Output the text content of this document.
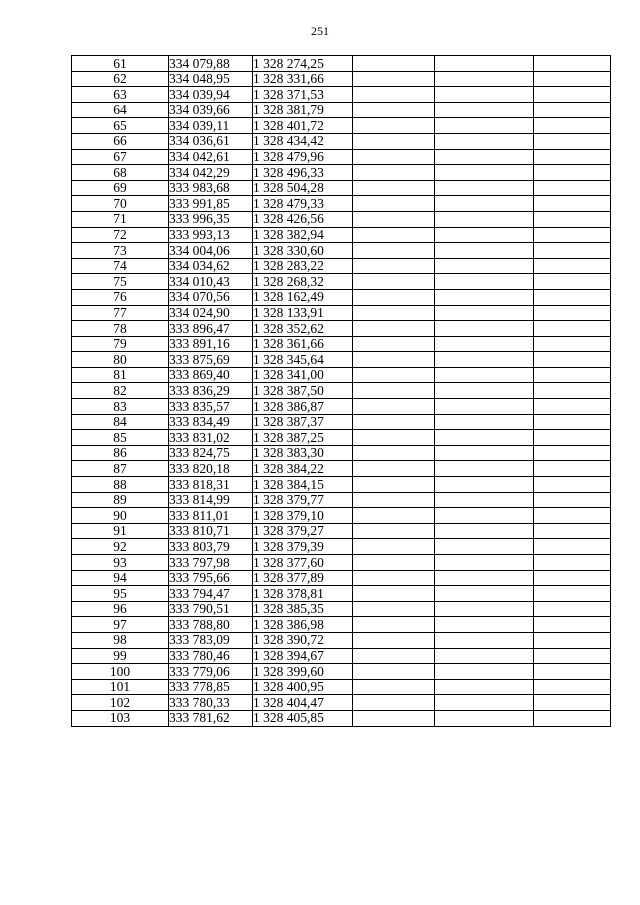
251
61	334 079,88	1 328 274,25			
62	334 048,95	1 328 331,66			
63	334 039,94	1 328 371,53			
64	334 039,66	1 328 381,79			
65	334 039,11	1 328 401,72			
66	334 036,61	1 328 434,42			
67	334 042,61	1 328 479,96			
68	334 042,29	1 328 496,33			
69	333 983,68	1 328 504,28			
70	333 991,85	1 328 479,33			
71	333 996,35	1 328 426,56			
72	333 993,13	1 328 382,94			
73	334 004,06	1 328 330,60			
74	334 034,62	1 328 283,22			
75	334 010,43	1 328 268,32			
76	334 070,56	1 328 162,49			
77	334 024,90	1 328 133,91			
78	333 896,47	1 328 352,62			
79	333 891,16	1 328 361,66			
80	333 875,69	1 328 345,64			
81	333 869,40	1 328 341,00			
82	333 836,29	1 328 387,50			
83	333 835,57	1 328 386,87			
84	333 834,49	1 328 387,37			
85	333 831,02	1 328 387,25			
86	333 824,75	1 328 383,30			
87	333 820,18	1 328 384,22			
88	333 818,31	1 328 384,15			
89	333 814,99	1 328 379,77			
90	333 811,01	1 328 379,10			
91	333 810,71	1 328 379,27			
92	333 803,79	1 328 379,39			
93	333 797,98	1 328 377,60			
94	333 795,66	1 328 377,89			
95	333 794,47	1 328 378,81			
96	333 790,51	1 328 385,35			
97	333 788,80	1 328 386,98			
98	333 783,09	1 328 390,72			
99	333 780,46	1 328 394,67			
100	333 779,06	1 328 399,60			
101	333 778,85	1 328 400,95			
102	333 780,33	1 328 404,47			
103	333 781,62	1 328 405,85			
